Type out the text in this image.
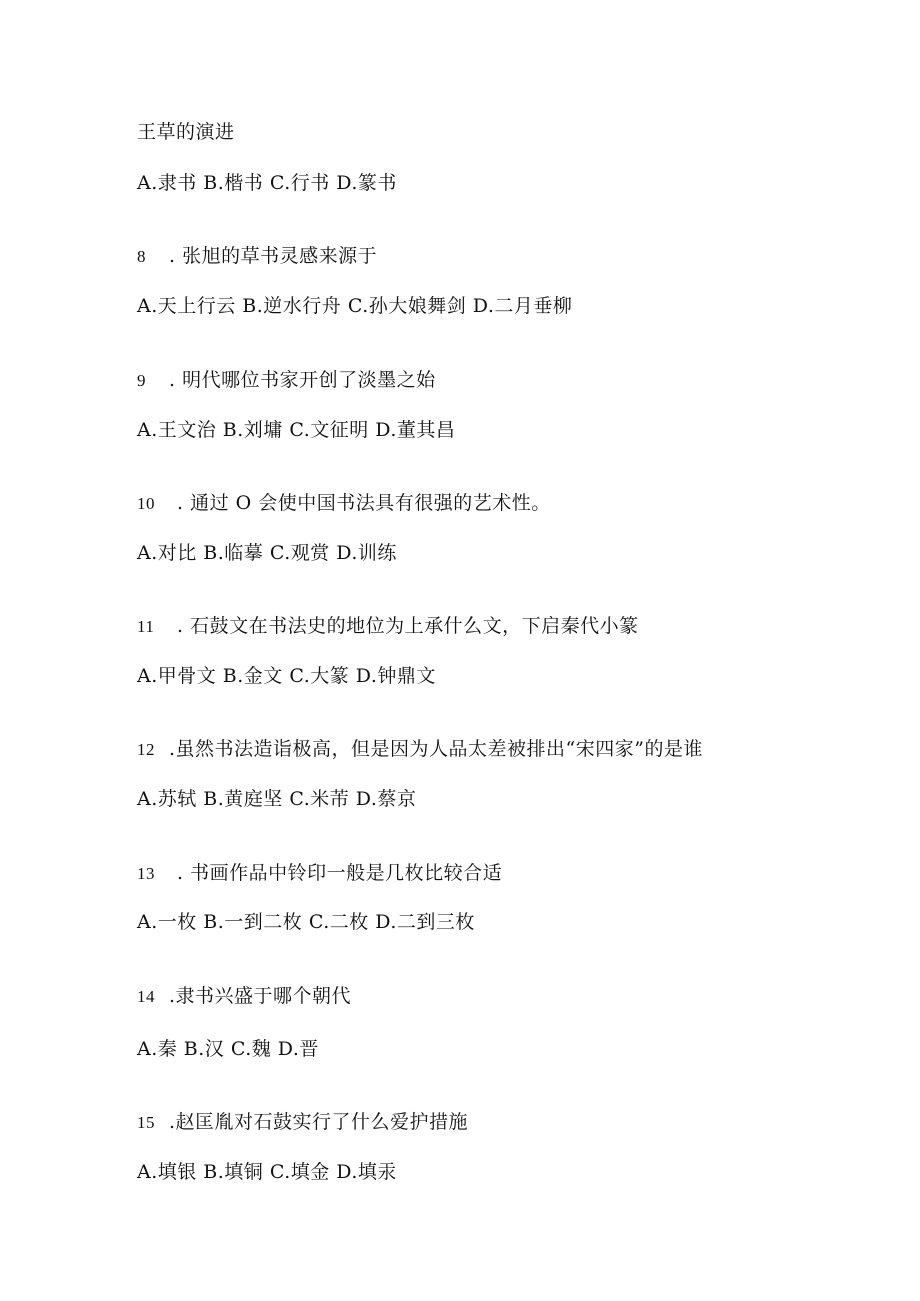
王草的演进
A.隶书 B.楷书 C.行书 D.篆书
8 . 张旭的草书灵感来源于
A.天上行云 B.逆水行舟 C.孙大娘舞剑 D.二月垂柳
9 . 明代哪位书家开创了淡墨之始
A.王文治 B.刘墉 C.文征明 D.董其昌
10 . 通过 O 会使中国书法具有很强的艺术性。
A.对比 B.临摹 C.观赏 D.训练
11 . 石鼓文在书法史的地位为上承什么文，下启秦代小篆
A.甲骨文 B.金文 C.大篆 D.钟鼎文
12 .虽然书法造诣极高，但是因为人品太差被排出“宋四家”的是谁
A.苏轼 B.黄庭坚 C.米芾 D.蔡京
13 . 书画作品中铃印一般是几枚比较合适
A.一枚 B.一到二枚 C.二枚 D.二到三枚
14 .隶书兴盛于哪个朝代
A.秦 B.汉 C.魏 D.晋
15 .赵匡胤对石鼓实行了什么爱护措施
A.填银 B.填铜 C.填金 D.填汞
